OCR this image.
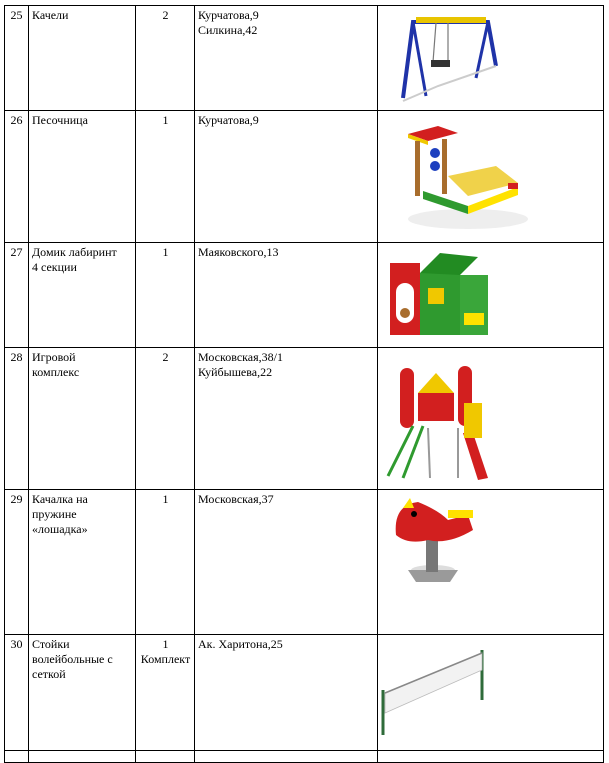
25	Качели	2	Курчатова,9
Силкина,42	

26	Песочница	1	Курчатова,9	

27	Домик лабиринт
4 секции	1	Маяковского,13	

28	Игровой
комплекс	2	Московская,38/1
Куйбышева,22	

29	Качалка на
пружине
«лошадка»	1	Московская,37	

30	Стойки
волейбольные с
сеткой	1
Комплект	Ак. Харитона,25	
